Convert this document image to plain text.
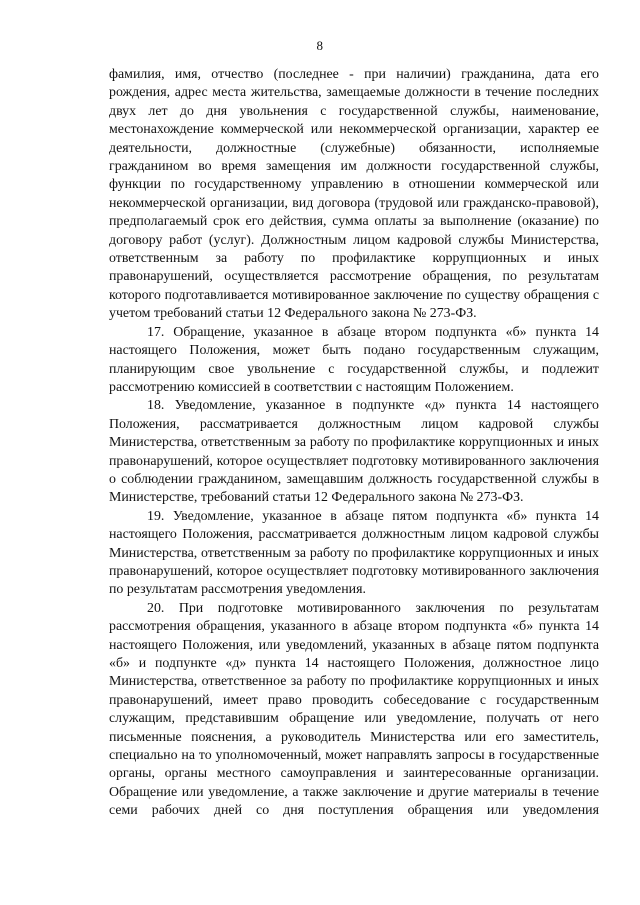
8

фамилия, имя, отчество (последнее - при наличии) гражданина, дата его рождения, адрес места жительства, замещаемые должности в течение последних двух лет до дня увольнения с государственной службы, наименование, местонахождение коммерческой или некоммерческой организации, характер ее деятельности, должностные (служебные) обязанности, исполняемые гражданином во время замещения им должности государственной службы, функции по государственному управлению в отношении коммерческой или некоммерческой организации, вид договора (трудовой или гражданско-правовой), предполагаемый срок его действия, сумма оплаты за выполнение (оказание) по договору работ (услуг). Должностным лицом кадровой службы Министерства, ответственным за работу по профилактике коррупционных и иных правонарушений, осуществляется рассмотрение обращения, по результатам которого подготавливается мотивированное заключение по существу обращения с учетом требований статьи 12 Федерального закона № 273-ФЗ.

17. Обращение, указанное в абзаце втором подпункта «б» пункта 14 настоящего Положения, может быть подано государственным служащим, планирующим свое увольнение с государственной службы, и подлежит рассмотрению комиссией в соответствии с настоящим Положением.

18. Уведомление, указанное в подпункте «д» пункта 14 настоящего Положения, рассматривается должностным лицом кадровой службы Министерства, ответственным за работу по профилактике коррупционных и иных правонарушений, которое осуществляет подготовку мотивированного заключения о соблюдении гражданином, замещавшим должность государственной службы в Министерстве, требований статьи 12 Федерального закона № 273-ФЗ.

19. Уведомление, указанное в абзаце пятом подпункта «б» пункта 14 настоящего Положения, рассматривается должностным лицом кадровой службы Министерства, ответственным за работу по профилактике коррупционных и иных правонарушений, которое осуществляет подготовку мотивированного заключения по результатам рассмотрения уведомления.

20. При подготовке мотивированного заключения по результатам рассмотрения обращения, указанного в абзаце втором подпункта «б» пункта 14 настоящего Положения, или уведомлений, указанных в абзаце пятом подпункта «б» и подпункте «д» пункта 14 настоящего Положения, должностное лицо Министерства, ответственное за работу по профилактике коррупционных и иных правонарушений, имеет право проводить собеседование с государственным служащим, представившим обращение или уведомление, получать от него письменные пояснения, а руководитель Министерства или его заместитель, специально на то уполномоченный, может направлять запросы в государственные органы, органы местного самоуправления и заинтересованные организации. Обращение или уведомление, а также заключение и другие материалы в течение семи рабочих дней со дня поступления обращения или уведомления
